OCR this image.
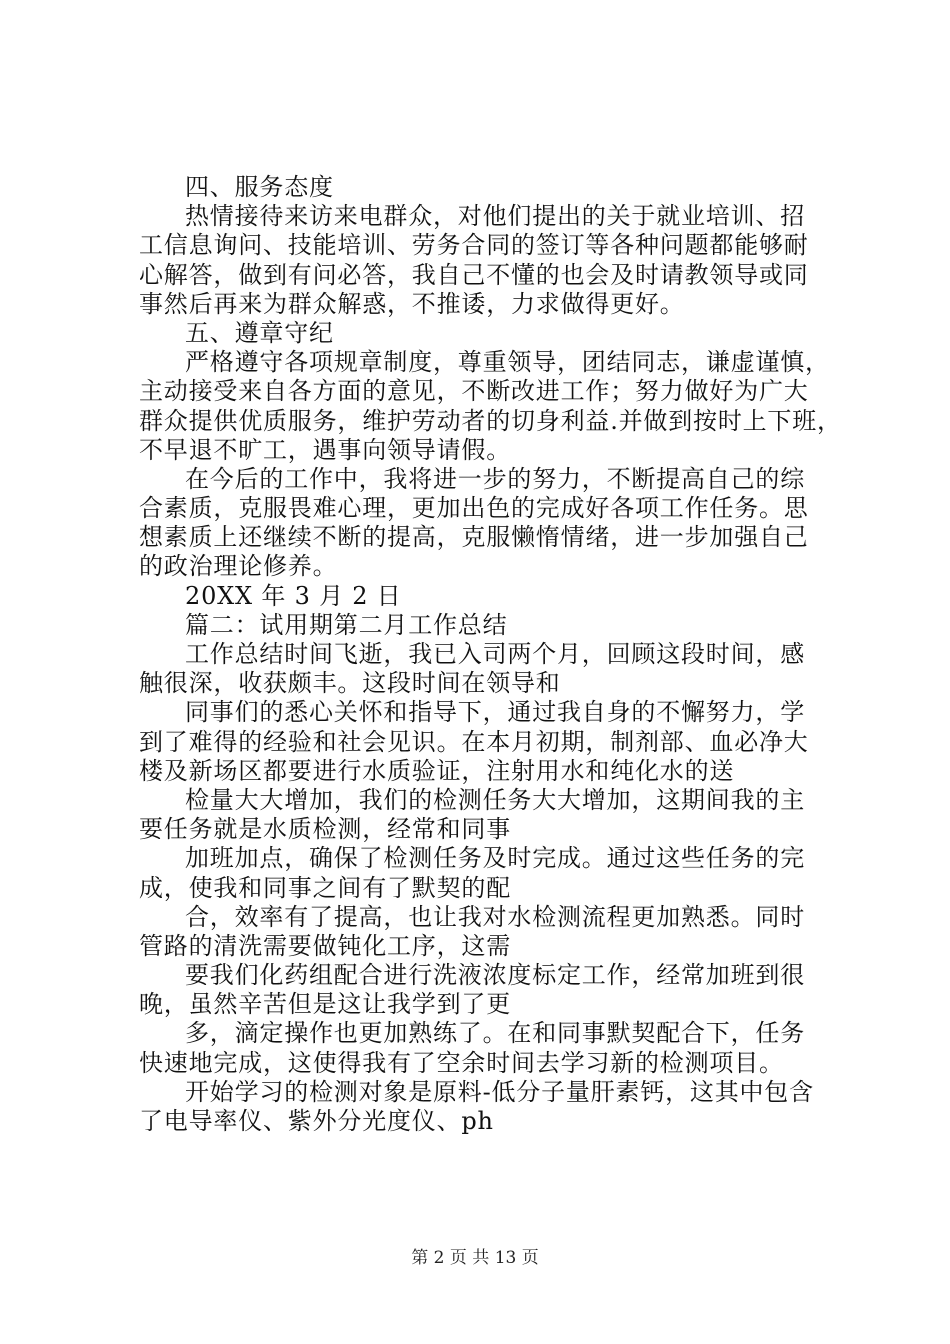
四、服务态度
热情接待来访来电群众，对他们提出的关于就业培训、招
工信息询问、技能培训、劳务合同的签订等各种问题都能够耐
心解答，做到有问必答，我自己不懂的也会及时请教领导或同
事然后再来为群众解惑，不推诿，力求做得更好。
五、遵章守纪
严格遵守各项规章制度，尊重领导，团结同志，谦虚谨慎，
主动接受来自各方面的意见，不断改进工作；努力做好为广大
群众提供优质服务，维护劳动者的切身利益.并做到按时上下班，
不早退不旷工，遇事向领导请假。
在今后的工作中，我将进一步的努力，不断提高自己的综
合素质，克服畏难心理，更加出色的完成好各项工作任务。思
想素质上还继续不断的提高，克服懒惰情绪，进一步加强自己
的政治理论修养。
20XX 年 3 月 2 日
篇二：试用期第二月工作总结
工作总结时间飞逝，我已入司两个月，回顾这段时间，感
触很深，收获颇丰。这段时间在领导和
同事们的悉心关怀和指导下，通过我自身的不懈努力，学
到了难得的经验和社会见识。在本月初期，制剂部、血必净大
楼及新场区都要进行水质验证，注射用水和纯化水的送
检量大大增加，我们的检测任务大大增加，这期间我的主
要任务就是水质检测，经常和同事
加班加点，确保了检测任务及时完成。通过这些任务的完
成，使我和同事之间有了默契的配
合，效率有了提高，也让我对水检测流程更加熟悉。同时
管路的清洗需要做钝化工序，这需
要我们化药组配合进行洗液浓度标定工作，经常加班到很
晚，虽然辛苦但是这让我学到了更
多，滴定操作也更加熟练了。在和同事默契配合下，任务
快速地完成，这使得我有了空余时间去学习新的检测项目。
开始学习的检测对象是原料-低分子量肝素钙，这其中包含
了电导率仪、紫外分光度仪、ph
第 2 页 共 13 页
